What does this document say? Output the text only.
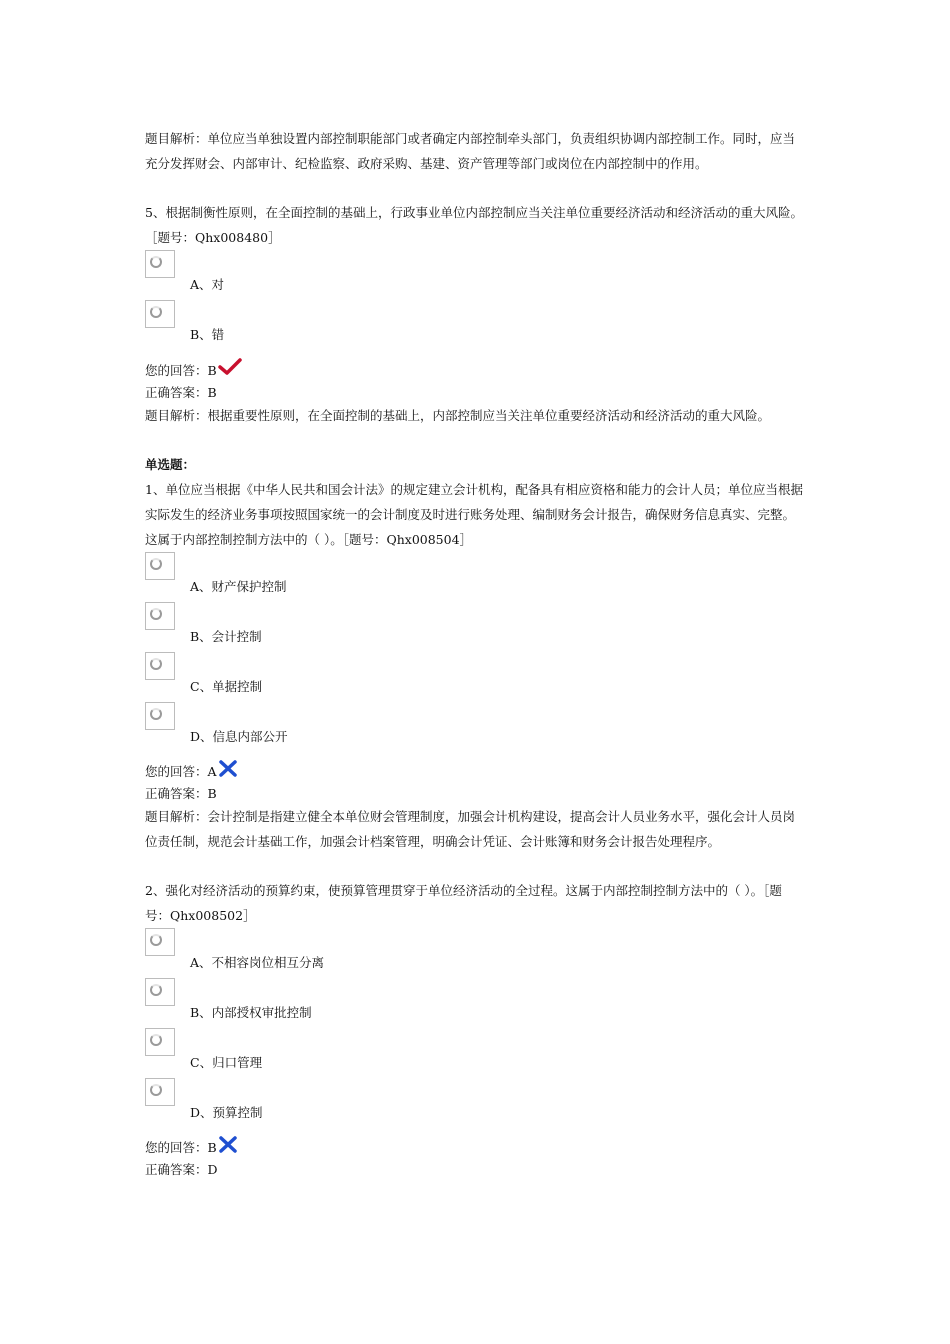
题目解析：单位应当单独设置内部控制职能部门或者确定内部控制牵头部门，负责组织协调内部控制工作。同时，应当充分发挥财会、内部审计、纪检监察、政府采购、基建、资产管理等部门或岗位在内部控制中的作用。

5、根据制衡性原则，在全面控制的基础上，行政事业单位内部控制应当关注单位重要经济活动和经济活动的重大风险。［题号：Qhx008480］

A、对
B、错

您的回答：B

正确答案：B

题目解析：根据重要性原则，在全面控制的基础上，内部控制应当关注单位重要经济活动和经济活动的重大风险。

单选题：

1、单位应当根据《中华人民共和国会计法》的规定建立会计机构，配备具有相应资格和能力的会计人员；单位应当根据实际发生的经济业务事项按照国家统一的会计制度及时进行账务处理、编制财务会计报告，确保财务信息真实、完整。这属于内部控制控制方法中的（ ）。［题号：Qhx008504］

A、财产保护控制
B、会计控制
C、单据控制
D、信息内部公开

您的回答：A

正确答案：B

题目解析：会计控制是指建立健全本单位财会管理制度，加强会计机构建设，提高会计人员业务水平，强化会计人员岗位责任制，规范会计基础工作，加强会计档案管理，明确会计凭证、会计账簿和财务会计报告处理程序。

2、强化对经济活动的预算约束，使预算管理贯穿于单位经济活动的全过程。这属于内部控制控制方法中的（ ）。［题号：Qhx008502］

A、不相容岗位相互分离
B、内部授权审批控制
C、归口管理
D、预算控制

您的回答：B

正确答案：D
